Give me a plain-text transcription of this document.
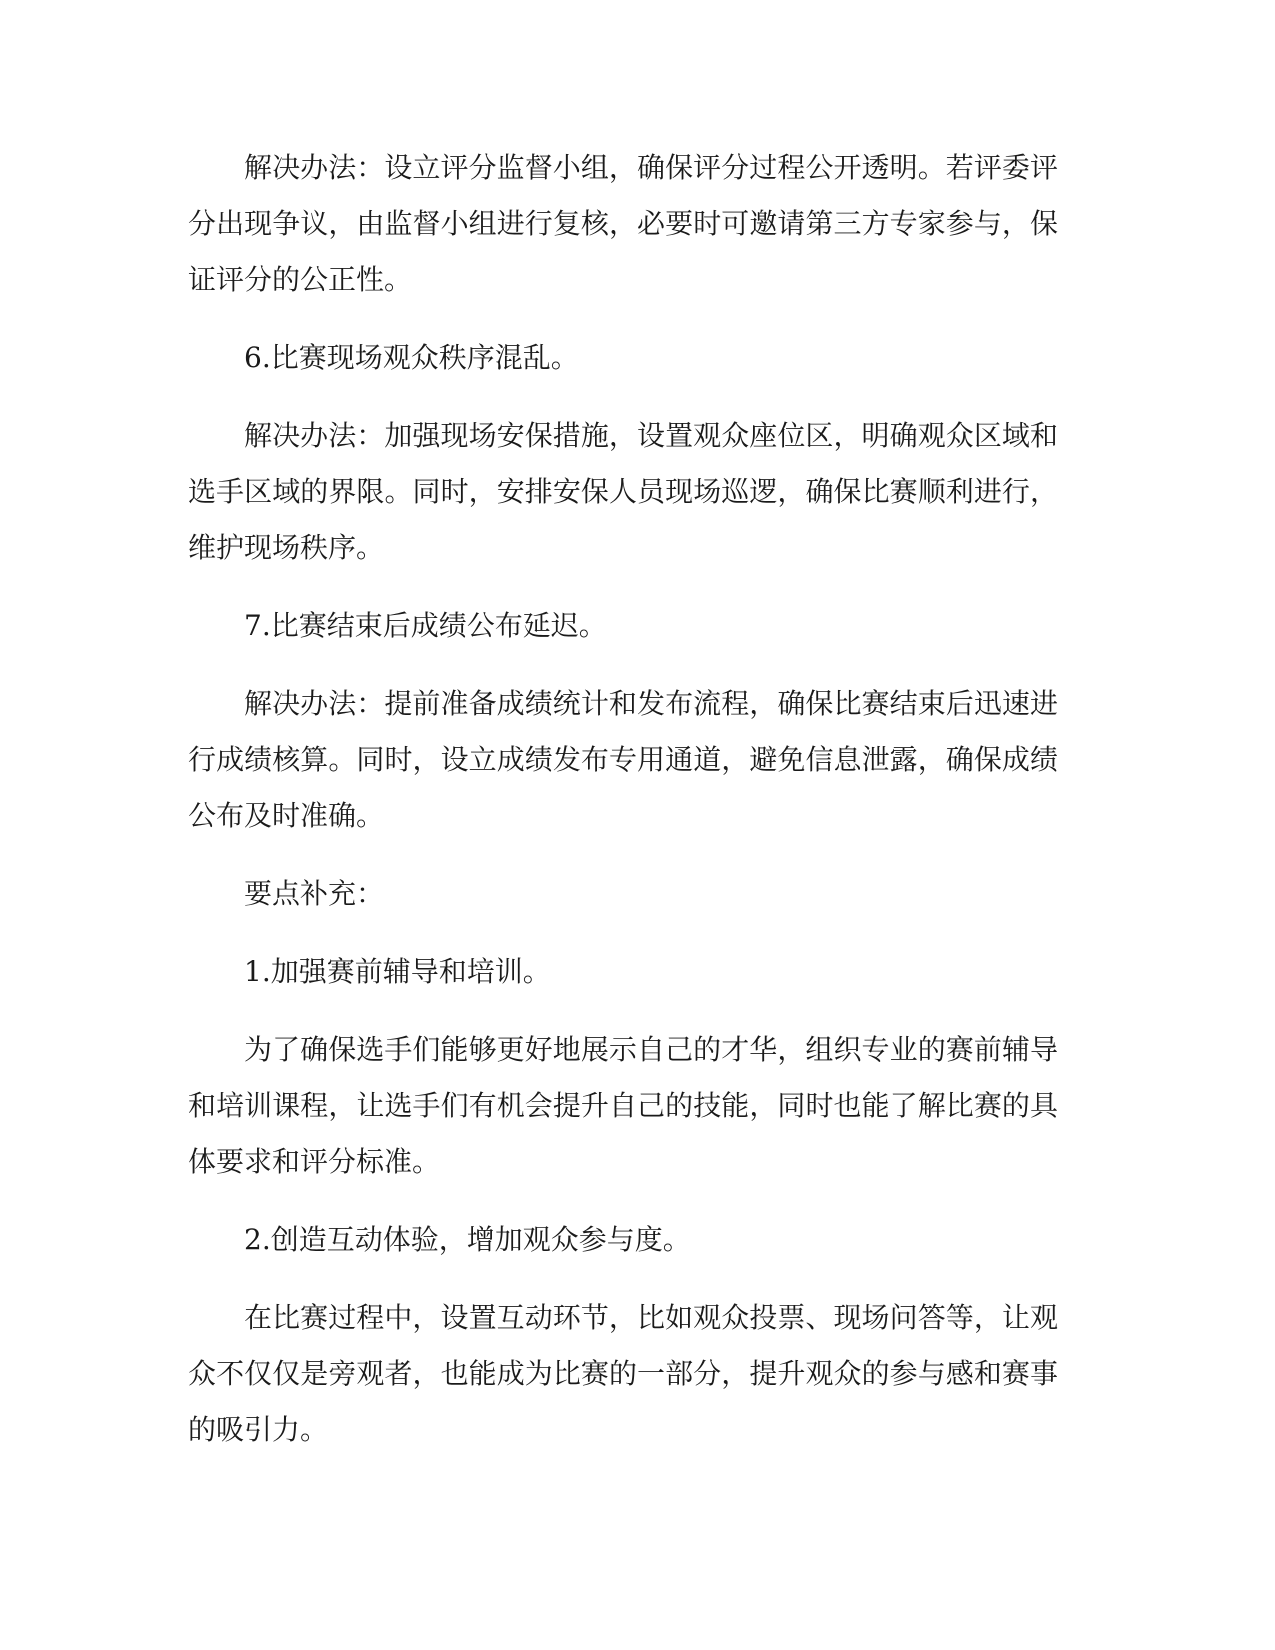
解决办法：设立评分监督小组，确保评分过程公开透明。若评委评分出现争议，由监督小组进行复核，必要时可邀请第三方专家参与，保证评分的公正性。

6.比赛现场观众秩序混乱。

解决办法：加强现场安保措施，设置观众座位区，明确观众区域和选手区域的界限。同时，安排安保人员现场巡逻，确保比赛顺利进行，维护现场秩序。

7.比赛结束后成绩公布延迟。

解决办法：提前准备成绩统计和发布流程，确保比赛结束后迅速进行成绩核算。同时，设立成绩发布专用通道，避免信息泄露，确保成绩公布及时准确。

要点补充：

1.加强赛前辅导和培训。

为了确保选手们能够更好地展示自己的才华，组织专业的赛前辅导和培训课程，让选手们有机会提升自己的技能，同时也能了解比赛的具体要求和评分标准。

2.创造互动体验，增加观众参与度。

在比赛过程中，设置互动环节，比如观众投票、现场问答等，让观众不仅仅是旁观者，也能成为比赛的一部分，提升观众的参与感和赛事的吸引力。
